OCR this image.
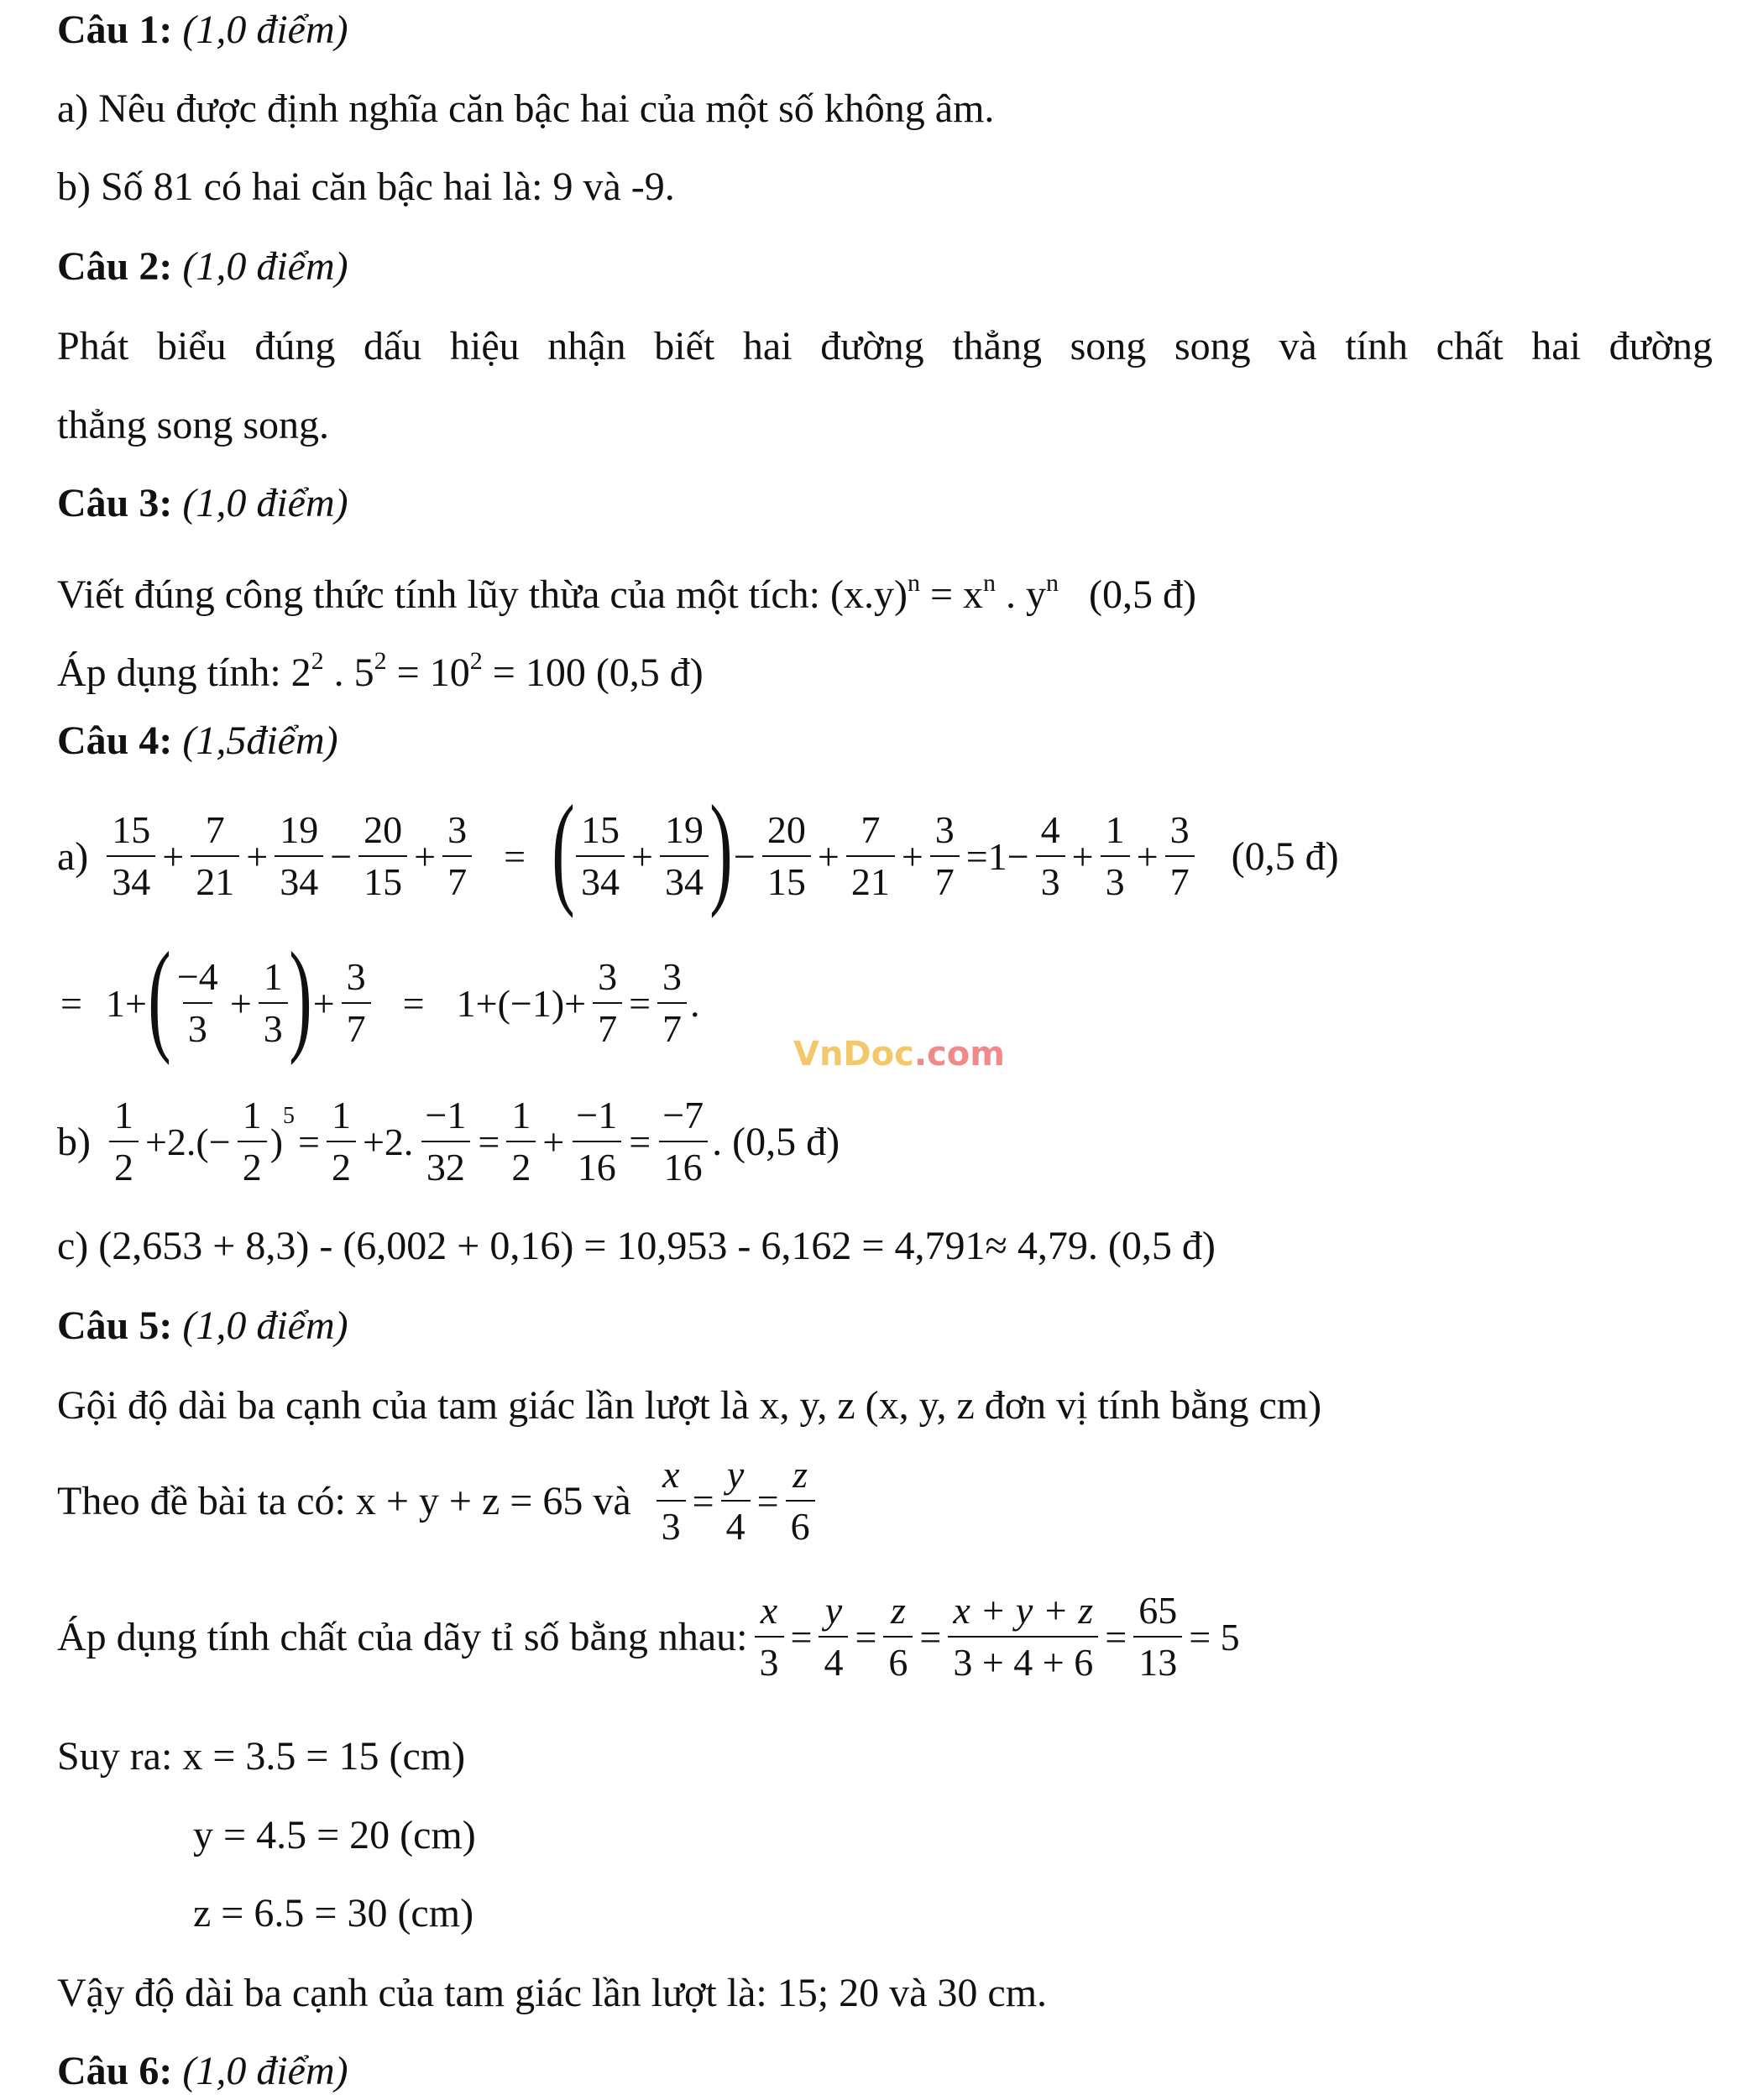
Câu 1: (1,0 điểm)
a) Nêu được định nghĩa căn bậc hai của một số không âm.
b) Số 81 có hai căn bậc hai là: 9 và -9.
Câu 2: (1,0 điểm)
Phát biểu đúng dấu hiệu nhận biết hai đường thẳng song song và tính chất hai đường
thẳng song song.
Câu 3: (1,0 điểm)
Viết đúng công thức tính lũy thừa của một tích: $(x.y)^n = x^n$ . $y^n$ (0,5 đ)
Áp dụng tính: $2^2$ . $5^2 = 10^2 = 100$ (0,5 đ)
Câu 4: (1,5điểm)
a)
15
34
+ $\frac{7}{21} + \frac{19}{34} - \frac{20}{15} + \frac{3}{7}$ = ( 15
34
+ $\frac{19}{34}$ ) − $\frac{20}{15} + \frac{7}{21} + \frac{3}{7} =1- \frac{4}{3} + \frac{1}{3} + \frac{3}{7} (0,5$ đ)
= 1+ ( −4
3
+ $\frac{1}{3}$ ) + $\frac{3}{7} = 1+(-1)+ \frac{3}{7} = \frac{3}{7}$ .
VnDoc.com
b)
1
2
$+2.(- \frac{1}{2}$ )
5
= $\frac{1}{2} +2$. $\frac{-1}{32} = \frac{1}{2} + \frac{-1}{16} = \frac{-7}{16}$ . (0,5 đ)
c) (2,653 + 8,3) - (6,002 + 0,16) = 10,953 - 6,162 = 4,791≈ 4,79. (0,5 đ)
Câu 5: (1,0 điểm)
Gội độ dài ba cạnh của tam giác lần lượt là x, y, z (x, y, z đơn vị tính bằng cm)
Theo đề bài ta có: x + y + z = 65 và $\frac{x}{3} = \frac{y}{4} = \frac{z}{6}$
Áp dụng tính chất của dãy tỉ số bằng nhau: $\frac{x}{3} = \frac{y}{4} = \frac{z}{6} = \frac{x + y + z}{3 + 4 + 6} = \frac{65}{13} = 5$
Suy ra: x = 3.5 = 15 (cm)
y = 4.5 = 20 (cm)
z = 6.5 = 30 (cm)
Vậy độ dài ba cạnh của tam giác lần lượt là: 15; 20 và 30 cm.
Câu 6: (1,0 điểm)
